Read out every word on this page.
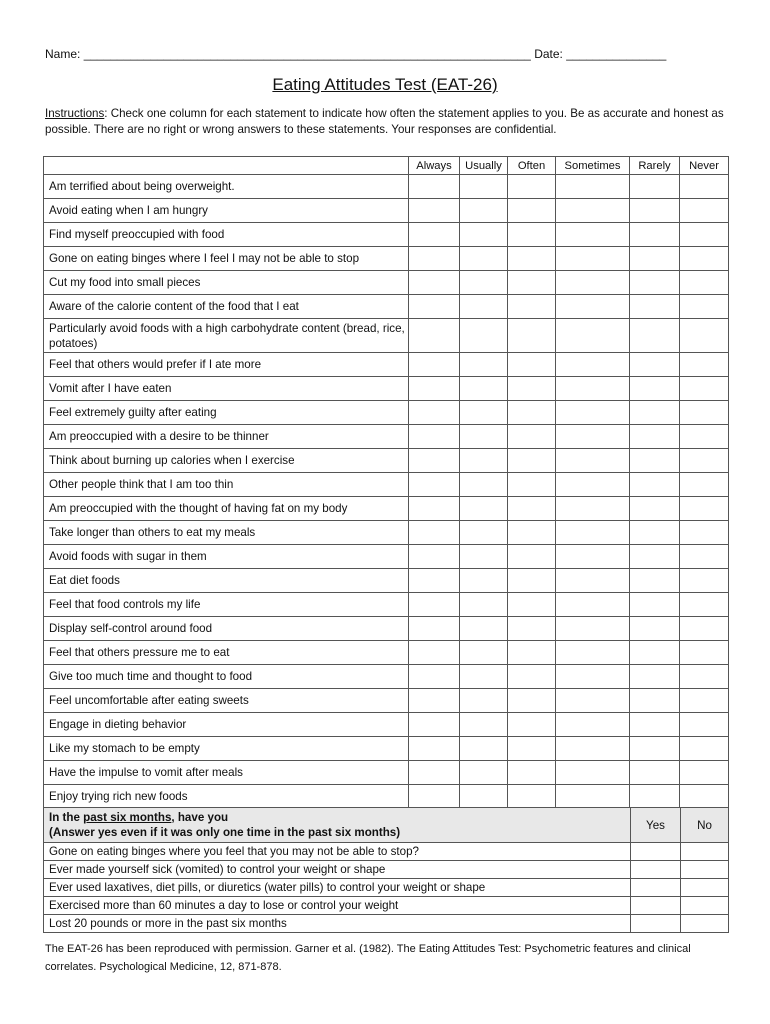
Name: ___________________________________________________________________ Date: _______________
Eating Attitudes Test (EAT-26)
Instructions: Check one column for each statement to indicate how often the statement applies to you. Be as accurate and honest as possible. There are no right or wrong answers to these statements. Your responses are confidential.
	Always	Usually	Often	Sometimes	Rarely	Never
Am terrified about being overweight.						
Avoid eating when I am hungry						
Find myself preoccupied with food						
Gone on eating binges where I feel I may not be able to stop						
Cut my food into small pieces						
Aware of the calorie content of the food that I eat						
Particularly avoid foods with a high carbohydrate content (bread, rice, potatoes)						
Feel that others would prefer if I ate more						
Vomit after I have eaten						
Feel extremely guilty after eating						
Am preoccupied with a desire to be thinner						
Think about burning up calories when I exercise						
Other people think that I am too thin						
Am preoccupied with the thought of having fat on my body						
Take longer than others to eat my meals						
Avoid foods with sugar in them						
Eat diet foods						
Feel that food controls my life						
Display self-control around food						
Feel that others pressure me to eat						
Give too much time and thought to food						
Feel uncomfortable after eating sweets						
Engage in dieting behavior						
Like my stomach to be empty						
Have the impulse to vomit after meals						
Enjoy trying rich new foods						
In the past six months, have you
(Answer yes even if it was only one time in the past six months)	Yes	No
Gone on eating binges where you feel that you may not be able to stop?		
Ever made yourself sick (vomited) to control your weight or shape		
Ever used laxatives, diet pills, or diuretics (water pills) to control your weight or shape		
Exercised more than 60 minutes a day to lose or control your weight		
Lost 20 pounds or more in the past six months		
The EAT-26 has been reproduced with permission. Garner et al. (1982). The Eating Attitudes Test: Psychometric features and clinical correlates. Psychological Medicine, 12, 871-878.
